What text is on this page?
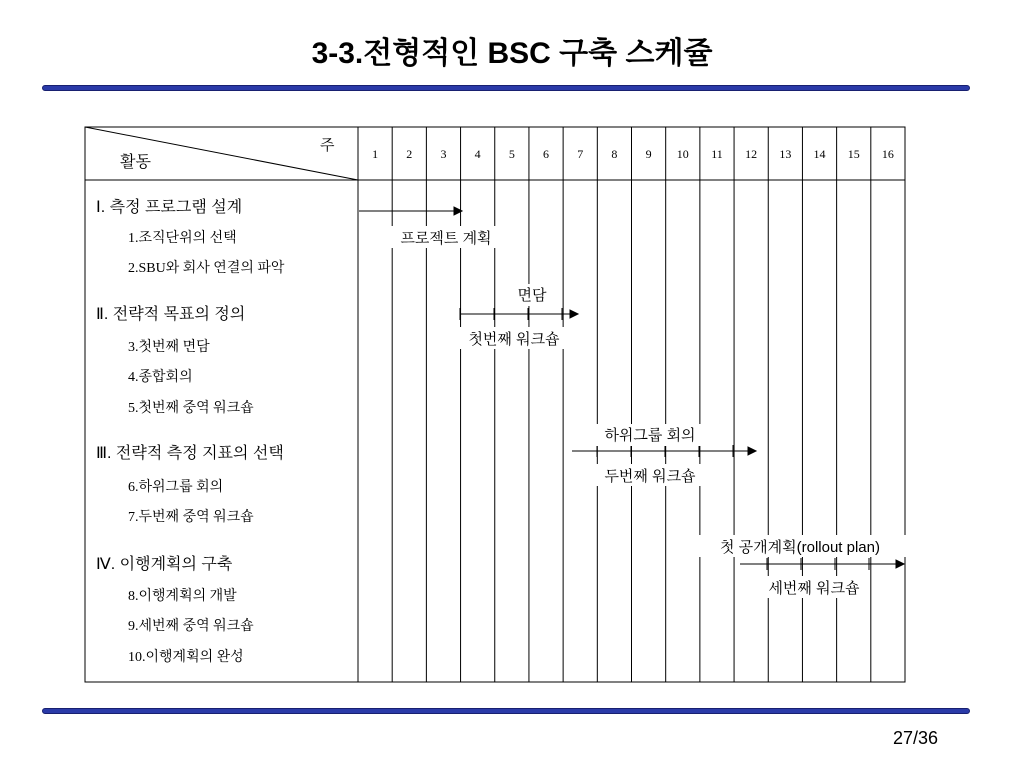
3-3.전형적인 BSC 구축 스케쥴
주
활동	1 2 3 4 5 6 7 8 9 10 11 12 13 14 15 16
Ⅰ. 측정 프로그램 설계
1.조직단위의 선택
2.SBU와 회사 연결의 파악
Ⅱ. 전략적 목표의 정의
3.첫번째 면담
4.종합회의
5.첫번째 중역 워크숍
Ⅲ. 전략적 측정 지표의 선택
6.하위그룹 회의
7.두번째 중역 워크숍
Ⅳ. 이행계획의 구축
8.이행계획의 개발
9.세번째 중역 워크숍
10.이행계획의 완성
프로젝트 계획
면담
첫번째 워크숍
하위그룹 회의
두번째 워크숍
첫 공개계획(rollout plan)
세번째 워크숍
27/36
